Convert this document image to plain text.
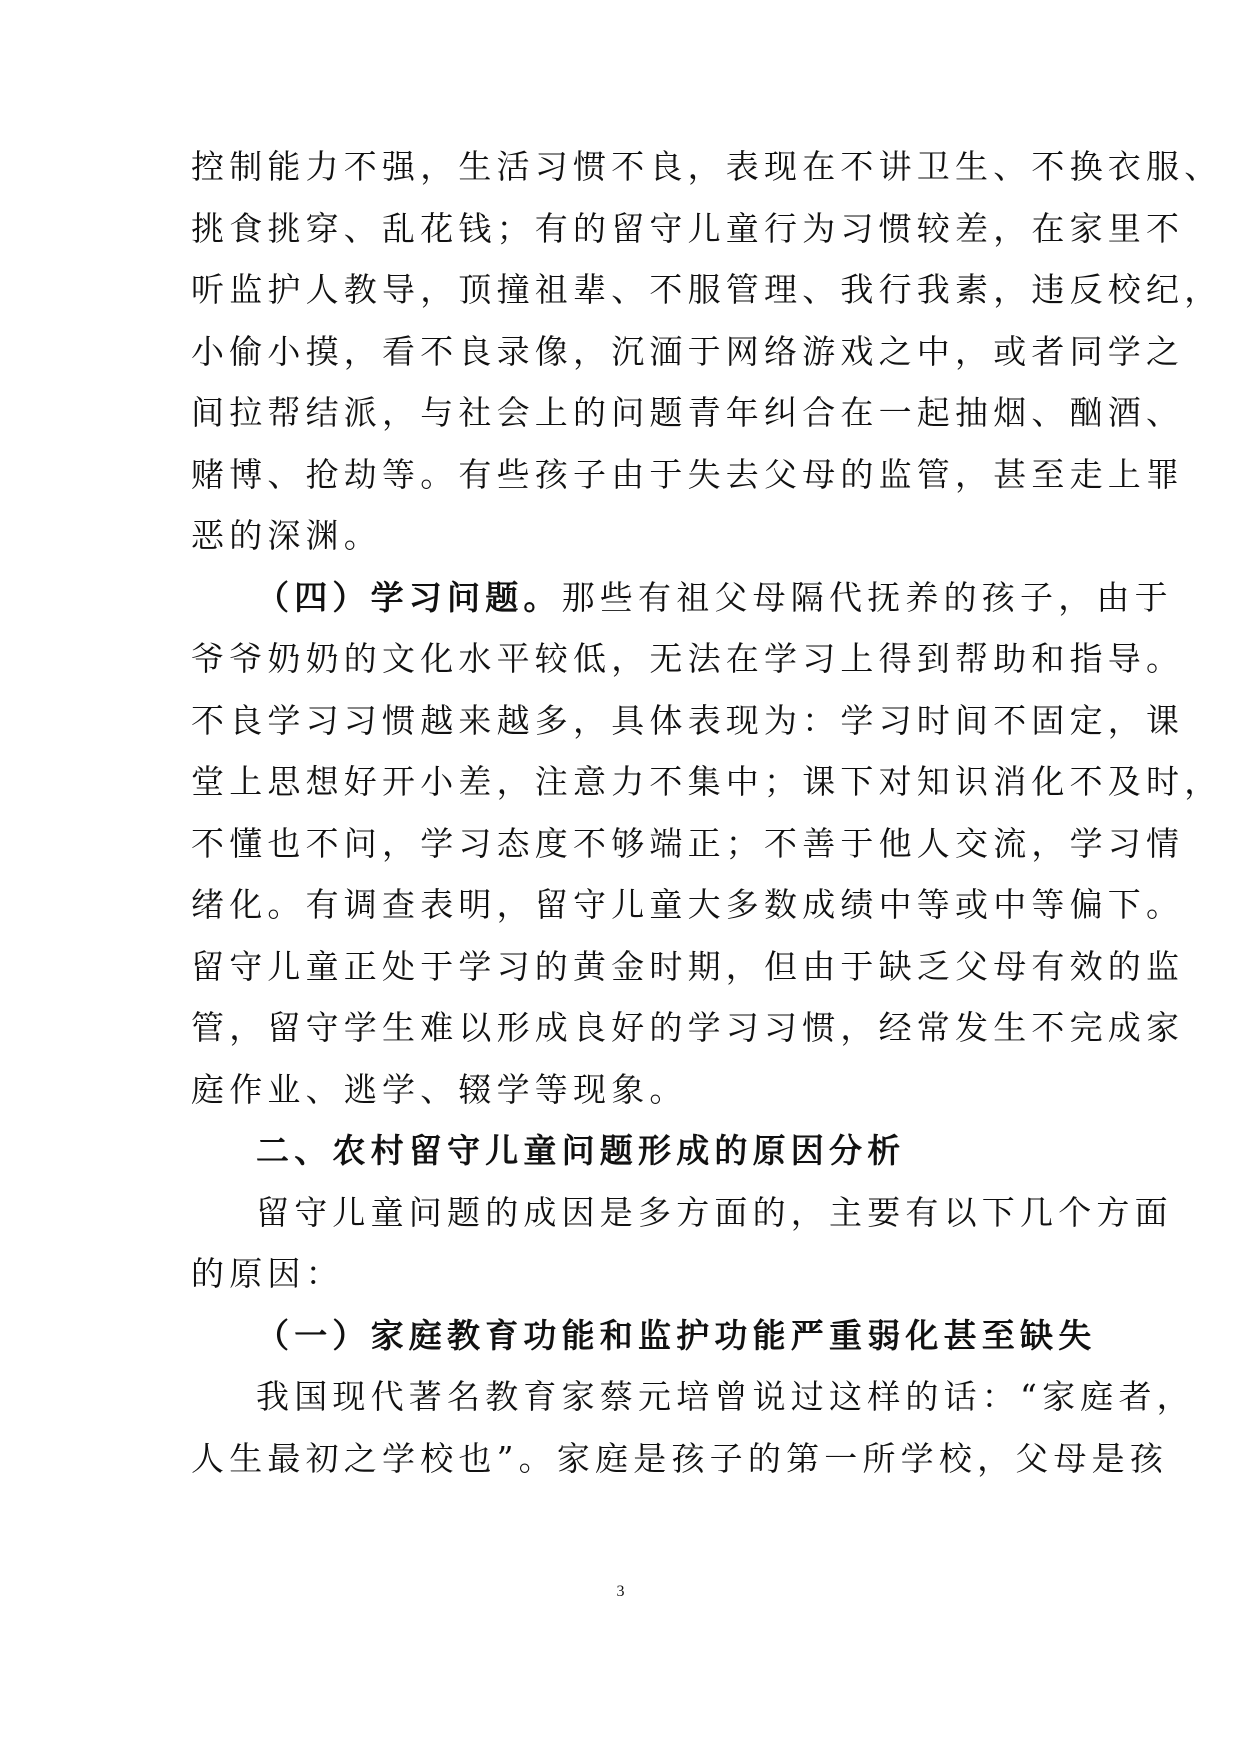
控制能力不强，生活习惯不良，表现在不讲卫生、不换衣服、
挑食挑穿、乱花钱；有的留守儿童行为习惯较差，在家里不
听监护人教导，顶撞祖辈、不服管理、我行我素，违反校纪，
小偷小摸，看不良录像，沉湎于网络游戏之中，或者同学之
间拉帮结派，与社会上的问题青年纠合在一起抽烟、酗酒、
赌博、抢劫等。有些孩子由于失去父母的监管，甚至走上罪
恶的深渊。
（四）学习问题。那些有祖父母隔代抚养的孩子，由于
爷爷奶奶的文化水平较低，无法在学习上得到帮助和指导。
不良学习习惯越来越多，具体表现为：学习时间不固定，课
堂上思想好开小差，注意力不集中；课下对知识消化不及时，
不懂也不问，学习态度不够端正；不善于他人交流，学习情
绪化。有调查表明，留守儿童大多数成绩中等或中等偏下。
留守儿童正处于学习的黄金时期，但由于缺乏父母有效的监
管，留守学生难以形成良好的学习习惯，经常发生不完成家
庭作业、逃学、辍学等现象。
二、农村留守儿童问题形成的原因分析
留守儿童问题的成因是多方面的，主要有以下几个方面
的原因：
（一）家庭教育功能和监护功能严重弱化甚至缺失
我国现代著名教育家蔡元培曾说过这样的话：“家庭者，
人生最初之学校也”。家庭是孩子的第一所学校，父母是孩
3
